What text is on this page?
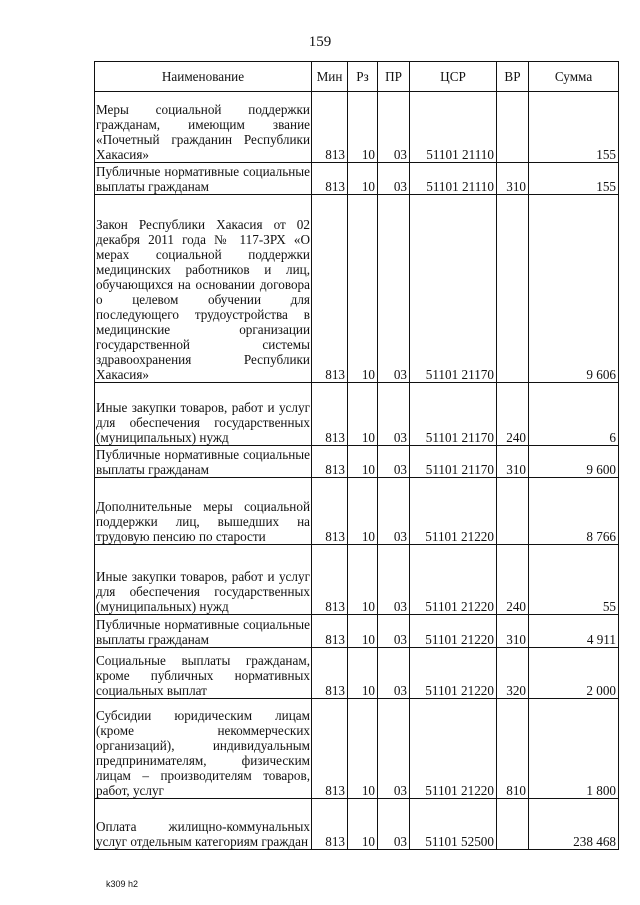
159
Наименование	Мин	Рз	ПР	ЦСР	ВР	Сумма
Меры социальной поддержки гражданам, имеющим звание «Почетный гражданин Республики Хакасия»	813	10	03	51101 21110		155
Публичные нормативные социальные выплаты гражданам	813	10	03	51101 21110	310	155
Закон Республики Хакасия от 02 декабря 2011 года № 117-ЗРХ «О мерах социальной поддержки медицинских работников и лиц, обучающихся на основании договора о целевом обучении для последующего трудоустройства в медицинские организации государственной системы здравоохранения Республики Хакасия»	813	10	03	51101 21170		9 606
Иные закупки товаров, работ и услуг для обеспечения государственных (муниципальных) нужд	813	10	03	51101 21170	240	6
Публичные нормативные социальные выплаты гражданам	813	10	03	51101 21170	310	9 600
Дополнительные меры социальной поддержки лиц, вышедших на трудовую пенсию по старости	813	10	03	51101 21220		8 766
Иные закупки товаров, работ и услуг для обеспечения государственных (муниципальных) нужд	813	10	03	51101 21220	240	55
Публичные нормативные социальные выплаты гражданам	813	10	03	51101 21220	310	4 911
Социальные выплаты гражданам, кроме публичных нормативных социальных выплат	813	10	03	51101 21220	320	2 000
Субсидии юридическим лицам (кроме некоммерческих организаций), индивидуальным предпринимателям, физическим лицам – производителям товаров, работ, услуг	813	10	03	51101 21220	810	1 800
Оплата жилищно-коммунальных услуг отдельным категориям граждан	813	10	03	51101 52500		238 468
k309 h2
